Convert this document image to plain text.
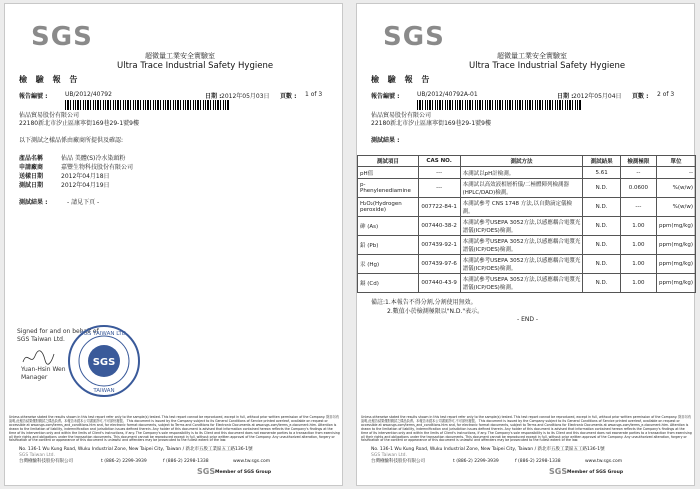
SGS
超微量工業安全實驗室
Ultra Trace Industrial Safety Hygiene
檢 驗 報 告
報告編號 :	UB/2012/40792	日期 : 2012年05月03日 頁數 : 1 of 3
佑品貿易股份有限公司
22180新北市汐止區康寧街169巷29-1號9樓
以下測試之樣品係由廠商所提供及確認:
產品名稱	佑品 美體(S)冷水染頭粉
申請廠商	嘉豐生物科技股份有限公司
送樣日期	2012年04月18日
測試日期	2012年04月19日
測試結果 :	- 請見下頁 -
Signed for and on behalf of
SGS Taiwan Ltd.
Yuan-Hsin Wen
Manager
SGS
SGS TAIWAN LTD.
TAIWAN
Unless otherwise stated the results shown in this test report refer only to the sample(s) tested. This test report cannot be reproduced, except in full, without prior written permission of the Company. 除非另有說明,此報告結果僅對測試之樣品負責。本報告未經本公司書面許可,不可部份複製。 This document is issued by the Company subject to its General Conditions of Service printed overleaf, available on request or accessible at www.sgs.com/terms_and_conditions.htm and, for electronic format documents, subject to Terms and Conditions for Electronic Documents at www.sgs.com/terms_e-document.htm. Attention is drawn to the limitation of liability, indemnification and jurisdiction issues defined therein. Any holder of this document is advised that information contained hereon reflects the Company's findings at the time of its intervention only and within the limits of Client's instructions, if any. The Company's sole responsibility is to its Client and this document does not exonerate parties to a transaction from exercising all their rights and obligations under the transaction documents. This document cannot be reproduced except in full, without prior written approval of the Company. Any unauthorized alteration, forgery or falsification of the content or appearance of this document is unlawful and offenders may be prosecuted to the fullest extent of the law.
No. 136-1 Wu Kung Road, Wuku Industrial Zone, New Taipei City, Taiwan / 新北市五股工業區五工路136-1號
SGS Taiwan Ltd.
台灣檢驗科技股份有限公司	t (886-2) 2299-3939	f (886-2) 2298-1338	www.tw.sgs.com
SGS Member of SGS Group
SGS
超微量工業安全實驗室
Ultra Trace Industrial Safety Hygiene
檢 驗 報 告
報告編號 :	UB/2012/40792A-01	日期 : 2012年05月04日 頁數 : 2 of 3
佑品貿易股份有限公司
22180新北市汐止區康寧街169巷29-1號9樓
測試結果 :
測試項目	CAS NO.	測試方法	測試結果	檢測極限	單位
pH值	---	本測試以pH計檢測。	5.61	--	--
p-Phenylenediamine	---	本測試以高效液相層析儀/二極體陣列檢測器(HPLC/DAD)檢測。	N.D.	0.0600	%(w/w)
H₂O₂(Hydrogen peroxide)	007722-84-1	本測試參考 CNS 1748 方法,以自動滴定儀檢測。	N.D.	---	%(w/w)
砷 (As)	007440-38-2	本測試參考USEPA 3052方法,以感應耦合電漿光譜儀(ICP/OES)檢測。	N.D.	1.00	ppm(mg/kg)
鉛 (Pb)	007439-92-1	本測試參考USEPA 3052方法,以感應耦合電漿光譜儀(ICP/OES)檢測。	N.D.	1.00	ppm(mg/kg)
汞 (Hg)	007439-97-6	本測試參考USEPA 3052方法,以感應耦合電漿光譜儀(ICP/OES)檢測。	N.D.	1.00	ppm(mg/kg)
鎘 (Cd)	007440-43-9	本測試參考USEPA 3052方法,以感應耦合電漿光譜儀(ICP/OES)檢測。	N.D.	1.00	ppm(mg/kg)
備註:1.本報告不得分割,分割使用無效。
2.數值小於檢測極限以"N.D."表示。
- END -
Unless otherwise stated the results shown in this test report refer only to the sample(s) tested. This test report cannot be reproduced, except in full, without prior written permission of the Company. 除非另有說明,此報告結果僅對測試之樣品負責。本報告未經本公司書面許可,不可部份複製。 This document is issued by the Company subject to its General Conditions of Service printed overleaf, available on request or accessible at www.sgs.com/terms_and_conditions.htm and, for electronic format documents, subject to Terms and Conditions for Electronic Documents at www.sgs.com/terms_e-document.htm. Attention is drawn to the limitation of liability, indemnification and jurisdiction issues defined therein. Any holder of this document is advised that information contained hereon reflects the Company's findings at the time of its intervention only and within the limits of Client's instructions, if any. The Company's sole responsibility is to its Client and this document does not exonerate parties to a transaction from exercising all their rights and obligations under the transaction documents. This document cannot be reproduced except in full, without prior written approval of the Company. Any unauthorized alteration, forgery or falsification of the content or appearance of this document is unlawful and offenders may be prosecuted to the fullest extent of the law.
No. 136-1 Wu Kung Road, Wuku Industrial Zone, New Taipei City, Taiwan / 新北市五股工業區五工路136-1號
SGS Taiwan Ltd.
台灣檢驗科技股份有限公司	t (886-2) 2299-3939	f (886-2) 2298-1338	www.tw.sgs.com
SGS Member of SGS Group
